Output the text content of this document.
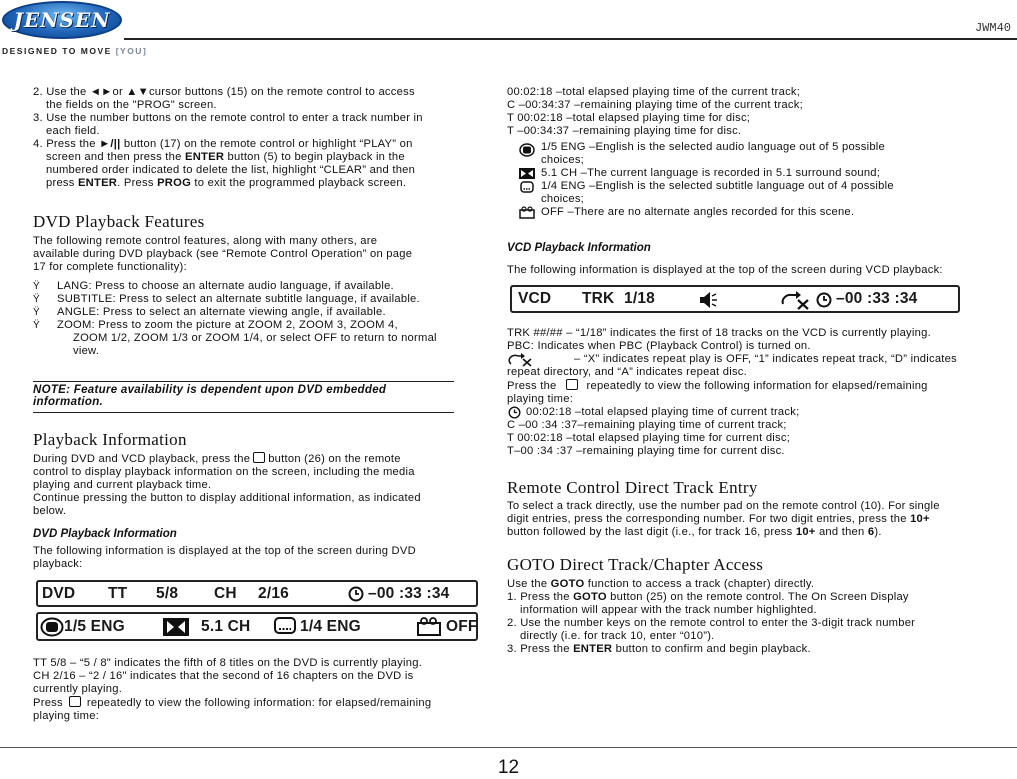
JENSEN
DESIGNED TO MOVE [YOU]
JWM40

2. Use the ◄►or ▲▼cursor buttons (15) on the remote control to access

the fields on the "PROG" screen.

3. Use the number buttons on the remote control to enter a track number in

each field.

4. Press the ►/|| button (17) on the remote control or highlight “PLAY” on

screen and then press the ENTER button (5) to begin playback in the

numbered order indicated to delete the list, highlight “CLEAR” and then

press ENTER. Press PROG to exit the programmed playback screen.

DVD Playback Features

The following remote control features, along with many others, are

available during DVD playback (see “Remote Control Operation” on page

17 for complete functionality):

Ÿ LANG: Press to choose an alternate audio language, if available.

Ÿ SUBTITLE: Press to select an alternate subtitle language, if available.

Ÿ ANGLE: Press to select an alternate viewing angle, if available.

Ÿ ZOOM: Press to zoom the picture at ZOOM 2, ZOOM 3, ZOOM 4,

ZOOM 1/2, ZOOM 1/3 or ZOOM 1/4, or select OFF to return to normal

view.

NOTE: Feature availability is dependent upon DVD embedded
information.
Playback Information

During DVD and VCD playback, press the button (26) on the remote

control to display playback information on the screen, including the media

playing and current playback time.

Continue pressing the button to display additional information, as indicated

below.

DVD Playback Information

The following information is displayed at the top of the screen during DVD

playback:

DVD TT 5/8 CH 2/16	–00 :33 :34
1/5 ENG	5.1 CH	1/4 ENG	OFF

TT 5/8 – “5 / 8" indicates the fifth of 8 titles on the DVD is currently playing.

CH 2/16 – “2 / 16" indicates that the second of 16 chapters on the DVD is

currently playing.

Press repeatedly to view the following information: for elapsed/remaining

playing time:

00:02:18 –total elapsed playing time of the current track;

C –00:34:37 –remaining playing time of the current track;

T 00:02:18 –total elapsed playing time for disc;

T –00:34:37 –remaining playing time for disc.

1/5 ENG –English is the selected audio language out of 5 possible

choices;

5.1 CH –The current language is recorded in 5.1 surround sound;

1/4 ENG –English is the selected subtitle language out of 4 possible

choices;

OFF –There are no alternate angles recorded for this scene.

VCD Playback Information
The following information is displayed at the top of the screen during VCD playback:
VCD TRK 1/18	–00 :33 :34

TRK ##/## – “1/18” indicates the first of 18 tracks on the VCD is currently playing.

PBC: Indicates when PBC (Playback Control) is turned on.

– “X” indicates repeat play is OFF, “1” indicates repeat track, “D” indicates

repeat directory, and “A” indicates repeat disc.

Press the	repeatedly to view the following information for elapsed/remaining

playing time:

00:02:18 –total elapsed playing time of current track;

C –00 :34 :37–remaining playing time of current track;

T 00:02:18 –total elapsed playing time for current disc;

T–00 :34 :37 –remaining playing time for current disc.

Remote Control Direct Track Entry

To select a track directly, use the number pad on the remote control (10). For single

digit entries, press the corresponding number. For two digit entries, press the 10+

button followed by the last digit (i.e., for track 16, press 10+ and then 6).

GOTO Direct Track/Chapter Access

Use the GOTO function to access a track (chapter) directly.

1. Press the GOTO button (25) on the remote control. The On Screen Display

information will appear with the track number highlighted.

2. Use the number keys on the remote control to enter the 3-digit track number

directly (i.e. for track 10, enter “010”).

3. Press the ENTER button to confirm and begin playback.

12
